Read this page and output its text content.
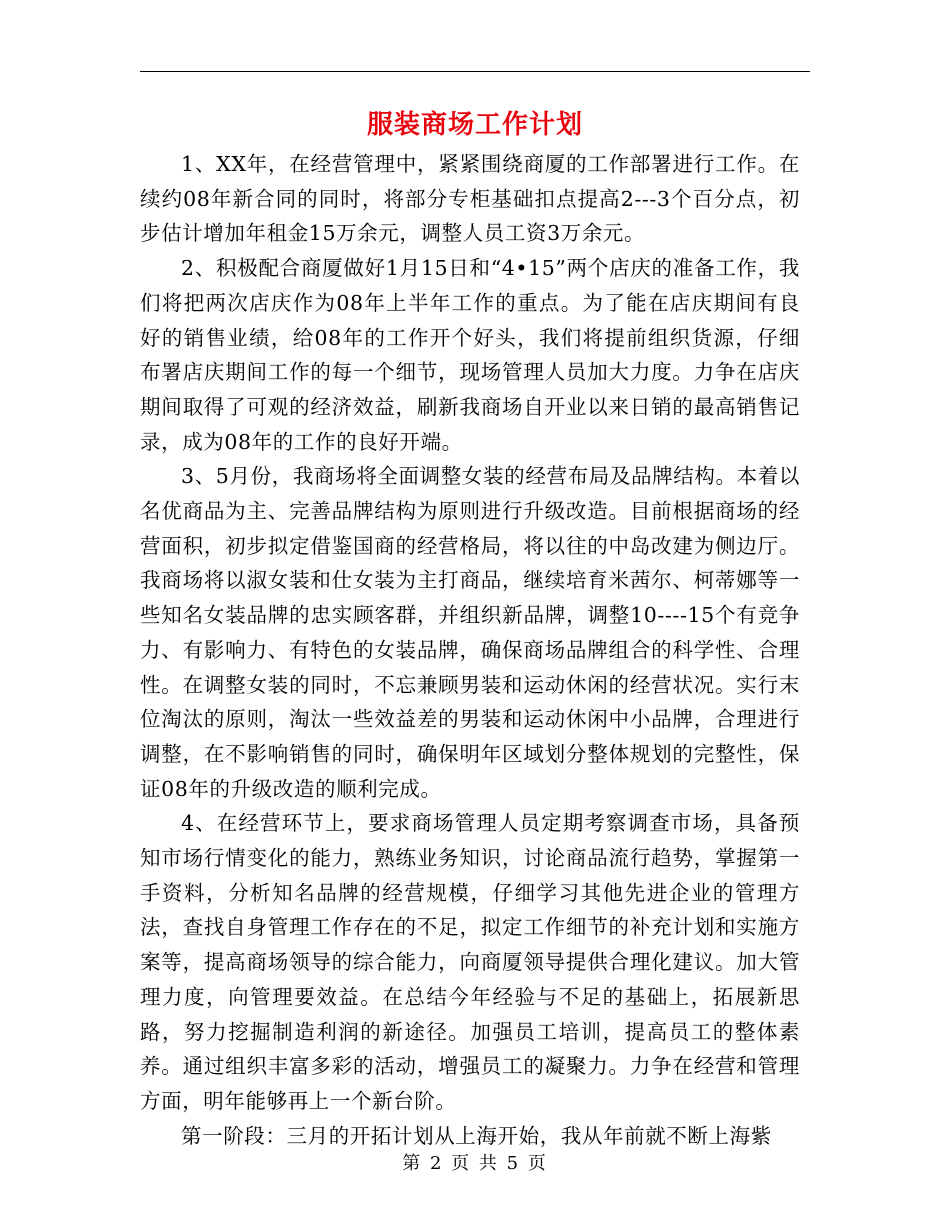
服装商场工作计划

1、XX年，在经营管理中，紧紧围绕商厦的工作部署进行工作。在续约08年新合同的同时，将部分专柜基础扣点提高2---3个百分点，初步估计增加年租金15万余元，调整人员工资3万余元。

2、积极配合商厦做好1月15日和“4•15”两个店庆的准备工作，我们将把两次店庆作为08年上半年工作的重点。为了能在店庆期间有良好的销售业绩，给08年的工作开个好头，我们将提前组织货源，仔细布署店庆期间工作的每一个细节，现场管理人员加大力度。力争在店庆期间取得了可观的经济效益，刷新我商场自开业以来日销的最高销售记录，成为08年的工作的良好开端。

3、5月份，我商场将全面调整女装的经营布局及品牌结构。本着以名优商品为主、完善品牌结构为原则进行升级改造。目前根据商场的经营面积，初步拟定借鉴国商的经营格局，将以往的中岛改建为侧边厅。我商场将以淑女装和仕女装为主打商品，继续培育米茜尔、柯蒂娜等一些知名女装品牌的忠实顾客群，并组织新品牌，调整10----15个有竞争力、有影响力、有特色的女装品牌，确保商场品牌组合的科学性、合理性。在调整女装的同时，不忘兼顾男装和运动休闲的经营状况。实行末位淘汰的原则，淘汰一些效益差的男装和运动休闲中小品牌，合理进行调整，在不影响销售的同时，确保明年区域划分整体规划的完整性，保证08年的升级改造的顺利完成。

4、在经营环节上，要求商场管理人员定期考察调查市场，具备预知市场行情变化的能力，熟练业务知识，讨论商品流行趋势，掌握第一手资料，分析知名品牌的经营规模，仔细学习其他先进企业的管理方法，查找自身管理工作存在的不足，拟定工作细节的补充计划和实施方案等，提高商场领导的综合能力，向商厦领导提供合理化建议。加大管理力度，向管理要效益。在总结今年经验与不足的基础上，拓展新思路，努力挖掘制造利润的新途径。加强员工培训，提高员工的整体素养。通过组织丰富多彩的活动，增强员工的凝聚力。力争在经营和管理方面，明年能够再上一个新台阶。

第一阶段：三月的开拓计划从上海开始，我从年前就不断上海紫

第 2 页 共 5 页
